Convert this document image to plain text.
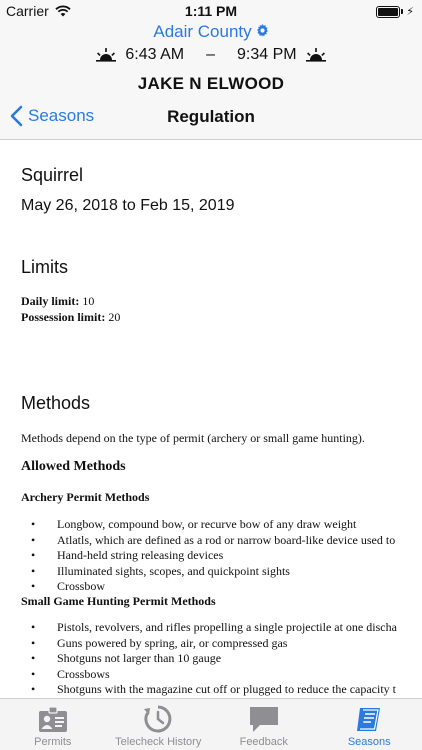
Carrier	1:11 PM	⚡
Adair County
6:43 AM – 9:34 PM
JAKE N ELWOOD
Seasons	Regulation
Squirrel
May 26, 2018 to Feb 15, 2019
Limits
Daily limit: 10
Possession limit: 20
Methods
Methods depend on the type of permit (archery or small game hunting).
Allowed Methods
Archery Permit Methods
• Longbow, compound bow, or recurve bow of any draw weight
• Atlatls, which are defined as a rod or narrow board-like device used to
• Hand-held string releasing devices
• Illuminated sights, scopes, and quickpoint sights
• Crossbow
Small Game Hunting Permit Methods
• Pistols, revolvers, and rifles propelling a single projectile at one discha
• Guns powered by spring, air, or compressed gas
• Shotguns not larger than 10 gauge
• Crossbows
• Shotguns with the magazine cut off or plugged to reduce the capacity t
Permits	Telecheck History	Feedback	Seasons
